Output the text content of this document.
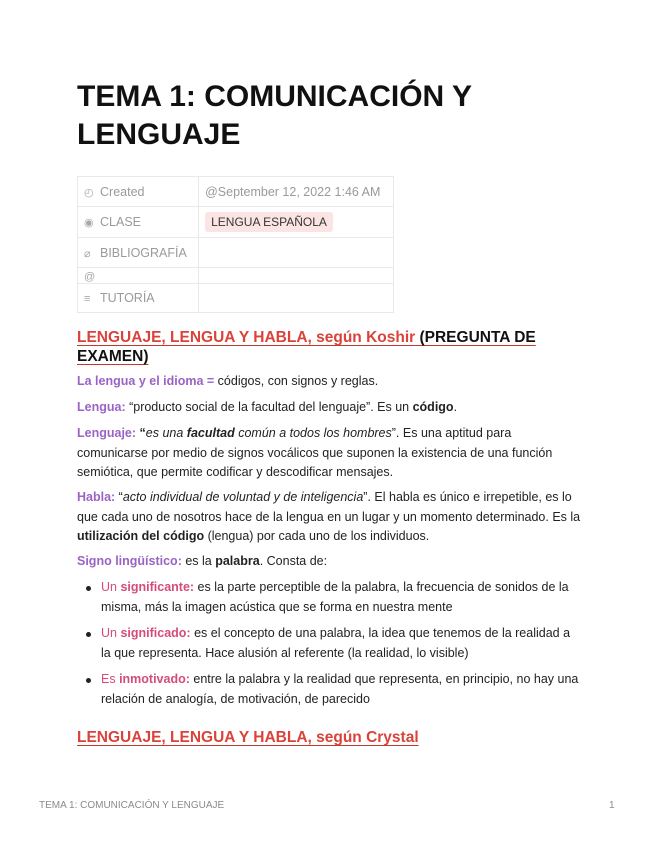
TEMA 1: COMUNICACIÓN Y LENGUAJE
◴ Created	@September 12, 2022 1:46 AM
◉ CLASE	LENGUA ESPAÑOLA
⌀ BIBLIOGRAFÍA	
@	
≡ TUTORÍA	
LENGUAJE, LENGUA Y HABLA, según Koshir (PREGUNTA DE EXAMEN)

La lengua y el idioma = códigos, con signos y reglas.

Lengua: “producto social de la facultad del lenguaje”. Es un código.

Lenguaje: “es una facultad común a todos los hombres”. Es una aptitud para comunicarse por medio de signos vocálicos que suponen la existencia de una función semiótica, que permite codificar y descodificar mensajes.

Habla: “acto individual de voluntad y de inteligencia”. El habla es único e irrepetible, es lo que cada uno de nosotros hace de la lengua en un lugar y un momento determinado. Es la utilización del código (lengua) por cada uno de los individuos.

Signo lingüístico: es la palabra. Consta de:

Un significante: es la parte perceptible de la palabra, la frecuencia de sonidos de la misma, más la imagen acústica que se forma en nuestra mente
Un significado: es el concepto de una palabra, la idea que tenemos de la realidad a la que representa. Hace alusión al referente (la realidad, lo visible)
Es inmotivado: entre la palabra y la realidad que representa, en principio, no hay una relación de analogía, de motivación, de parecido
LENGUAJE, LENGUA Y HABLA, según Crystal
TEMA 1: COMUNICACIÓN Y LENGUAJE	1
